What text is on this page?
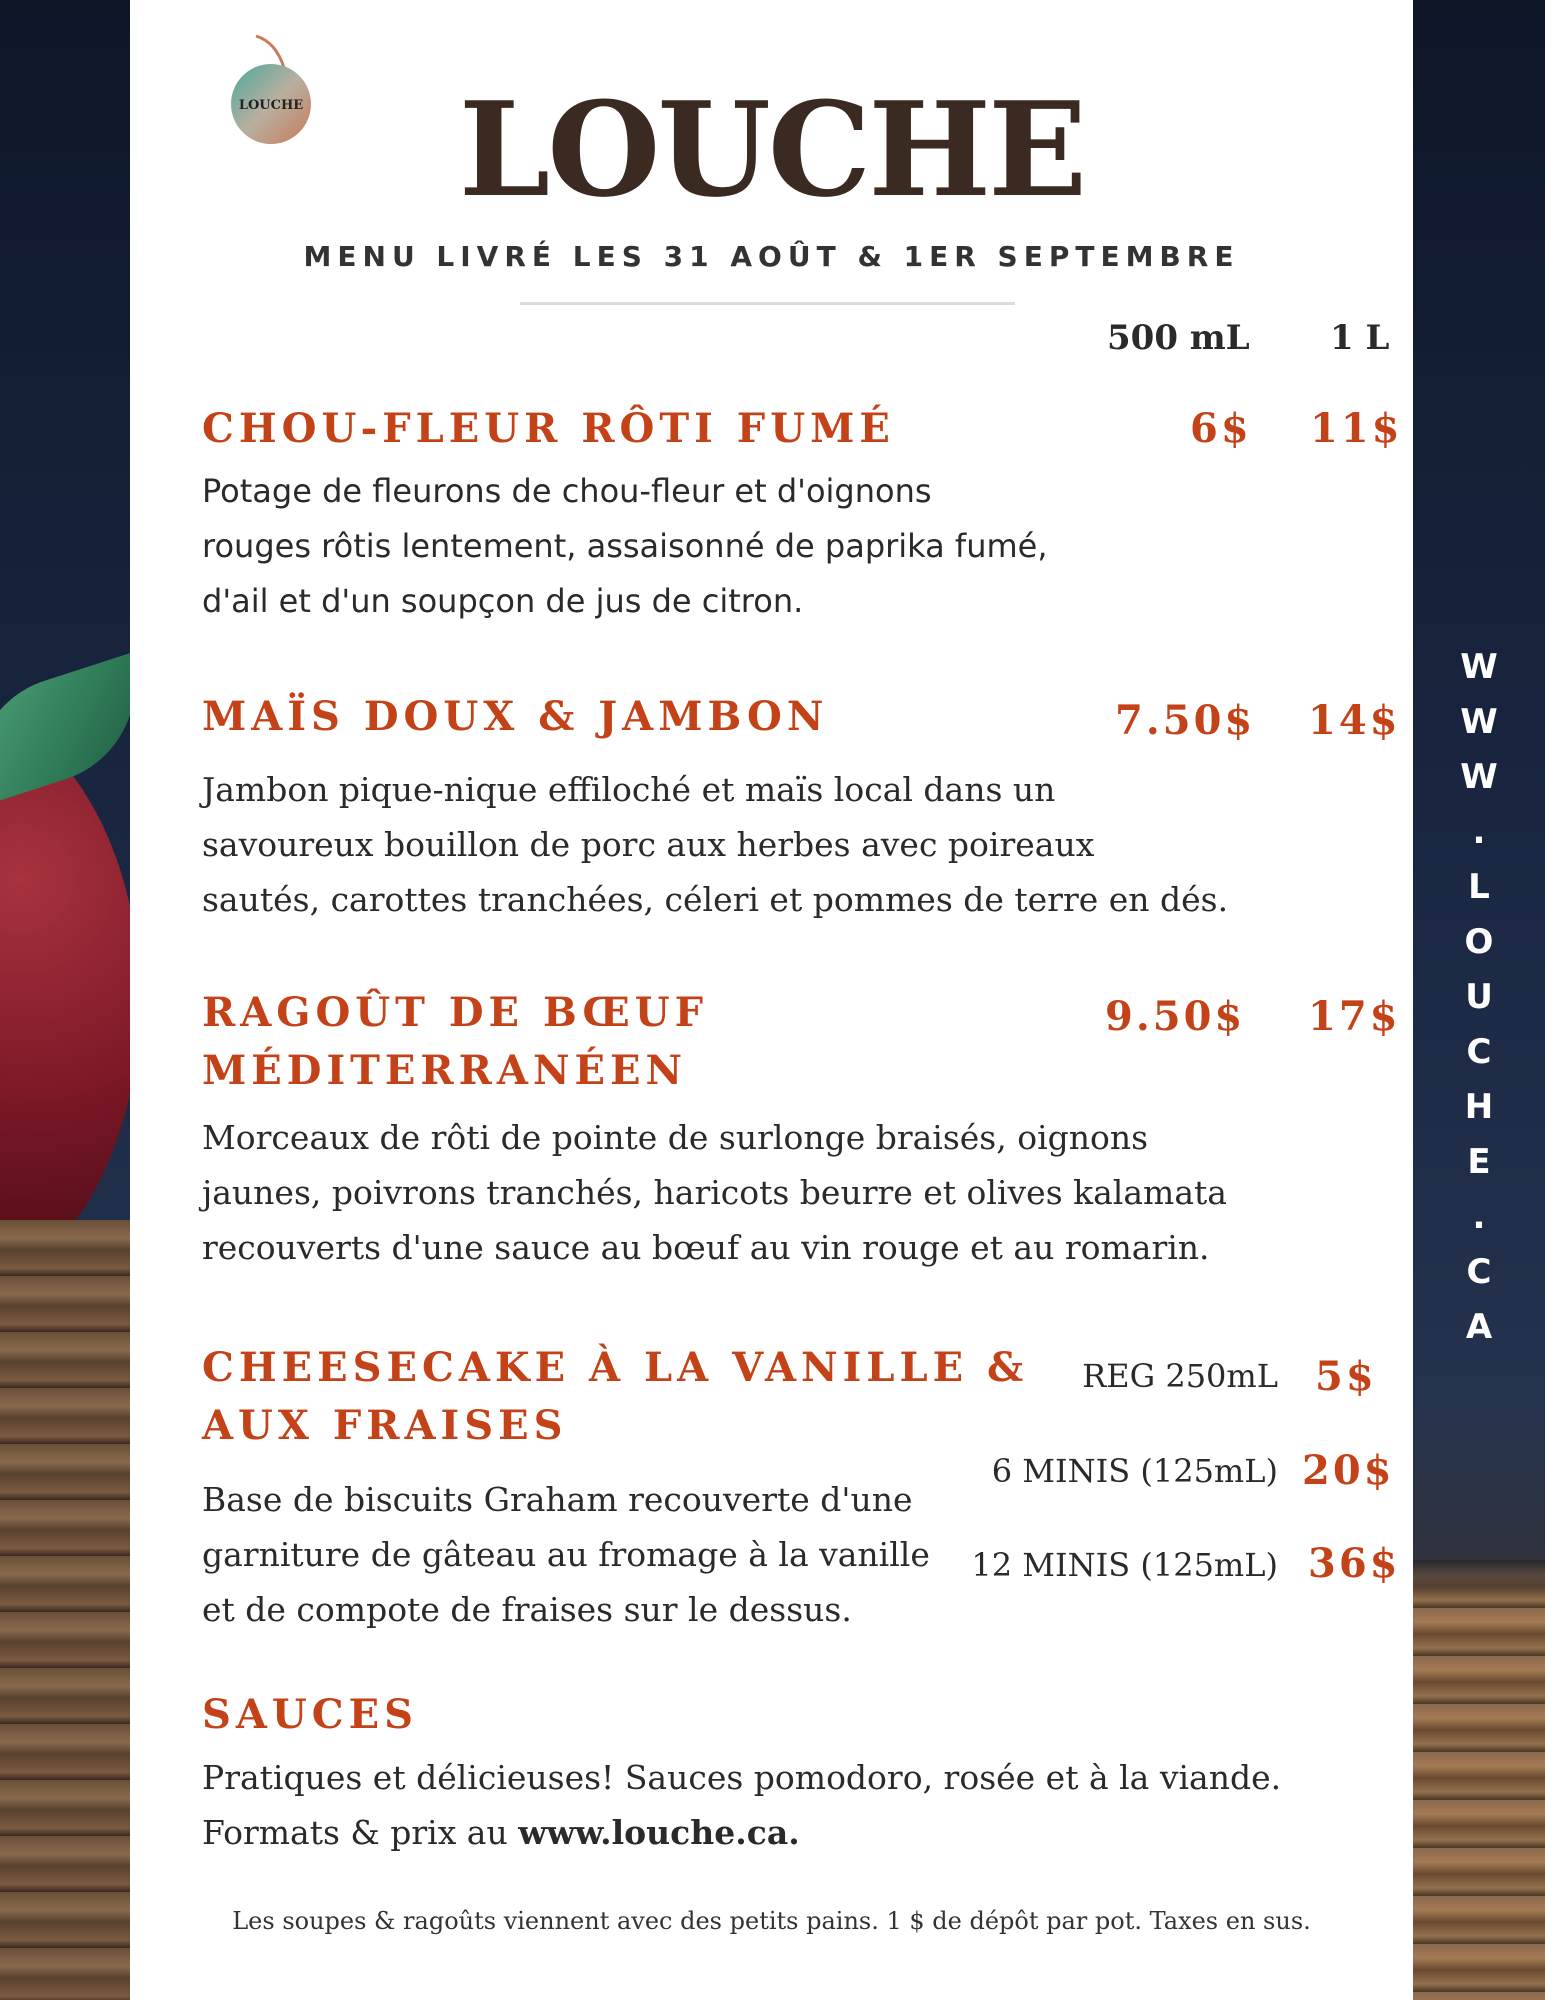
W
W
W
.
L
O
U
C
H
E
.
C
A
LOUCHE	LOUCHE
MENU LIVRÉ LES 31 AOÛT & 1ER SEPTEMBRE
500 mL 1 L
CHOU-FLEUR RÔTI FUMÉ	6$ 11$
Potage de fleurons de chou-fleur et d'oignons
rouges rôtis lentement, assaisonné de paprika fumé,
d'ail et d'un soupçon de jus de citron.
MAÏS DOUX & JAMBON	7.50$ 14$
Jambon pique-nique effiloché et maïs local dans un
savoureux bouillon de porc aux herbes avec poireaux
sautés, carottes tranchées, céleri et pommes de terre en dés.
RAGOÛT DE BŒUF
MÉDITERRANÉEN
9.50$ 17$
Morceaux de rôti de pointe de surlonge braisés, oignons
jaunes, poivrons tranchés, haricots beurre et olives kalamata
recouverts d'une sauce au bœuf au vin rouge et au romarin.
CHEESECAKE À LA VANILLE &
AUX FRAISES
Base de biscuits Graham recouverte d'une
garniture de gâteau au fromage à la vanille
et de compote de fraises sur le dessus.
REG 250mL 5$
6 MINIS (125mL) 20$
12 MINIS (125mL) 36$
SAUCES
Pratiques et délicieuses! Sauces pomodoro, rosée et à la viande.
Formats & prix au www.louche.ca.
Les soupes & ragoûts viennent avec des petits pains. 1 $ de dépôt par pot. Taxes en sus.
